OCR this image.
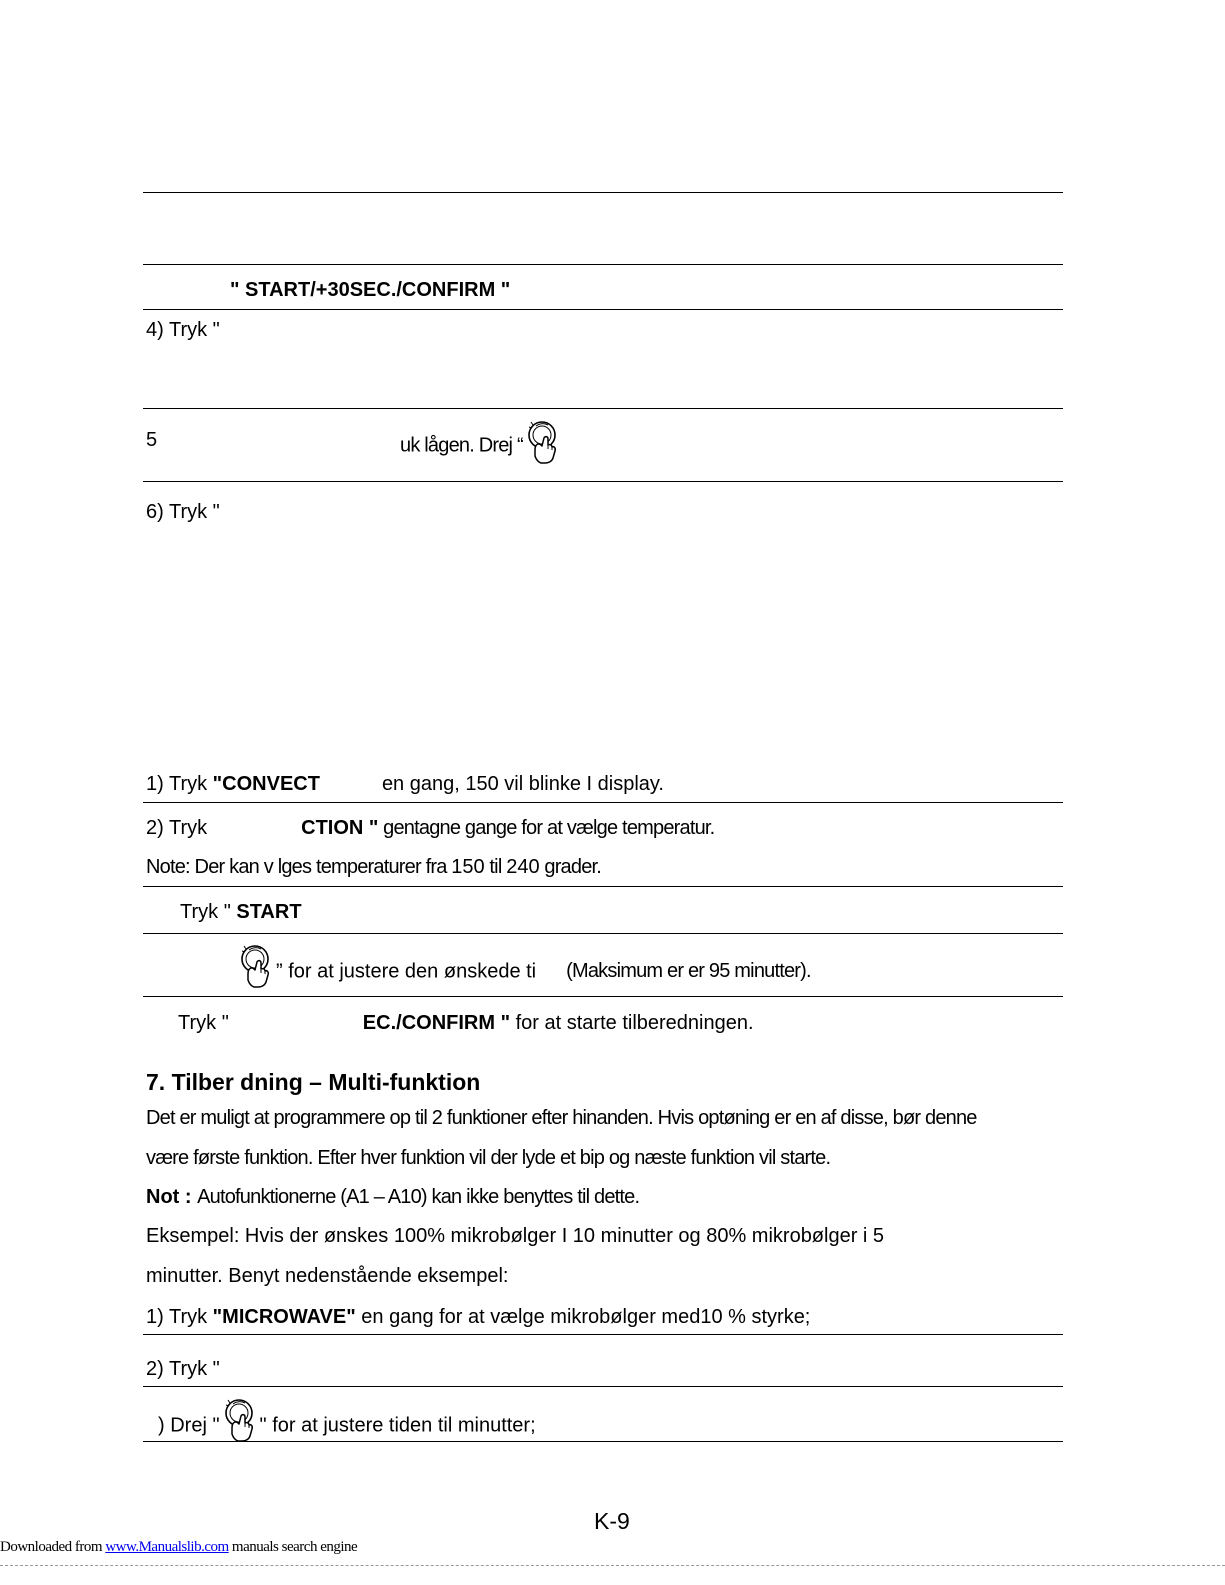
" START/+30SEC./CONFIRM "
4) Tryk "
5	uk lågen. Drej “
6) Tryk "
1) Tryk "CONVECT	en gang, 150 vil blinke I display.
2) Tryk	CTION " gentagne gange for at vælge temperatur.
Note: Der kan v lges temperaturer fra 150 til 240 grader.
Tryk " START
” for at justere den ønskede ti (Maksimum er er 95 minutter).
Tryk "	EC./CONFIRM " for at starte tilberedningen.
7. Tilber dning – Multi-funktion
Det er muligt at programmere op til 2 funktioner efter hinanden. Hvis optøning er en af disse, bør denne
være første funktion. Efter hver funktion vil der lyde et bip og næste funktion vil starte.
Not : Autofunktionerne (A1 – A10) kan ikke benyttes til dette.
Eksempel: Hvis der ønskes 100% mikrobølger I 10 minutter og 80% mikrobølger i 5
minutter. Benyt nedenstående eksempel:
1) Tryk "MICROWAVE" en gang for at vælge mikrobølger med10 % styrke;
2) Tryk "
) Drej " " for at justere tiden til minutter;
K-9
Downloaded from www.Manualslib.com manuals search engine
